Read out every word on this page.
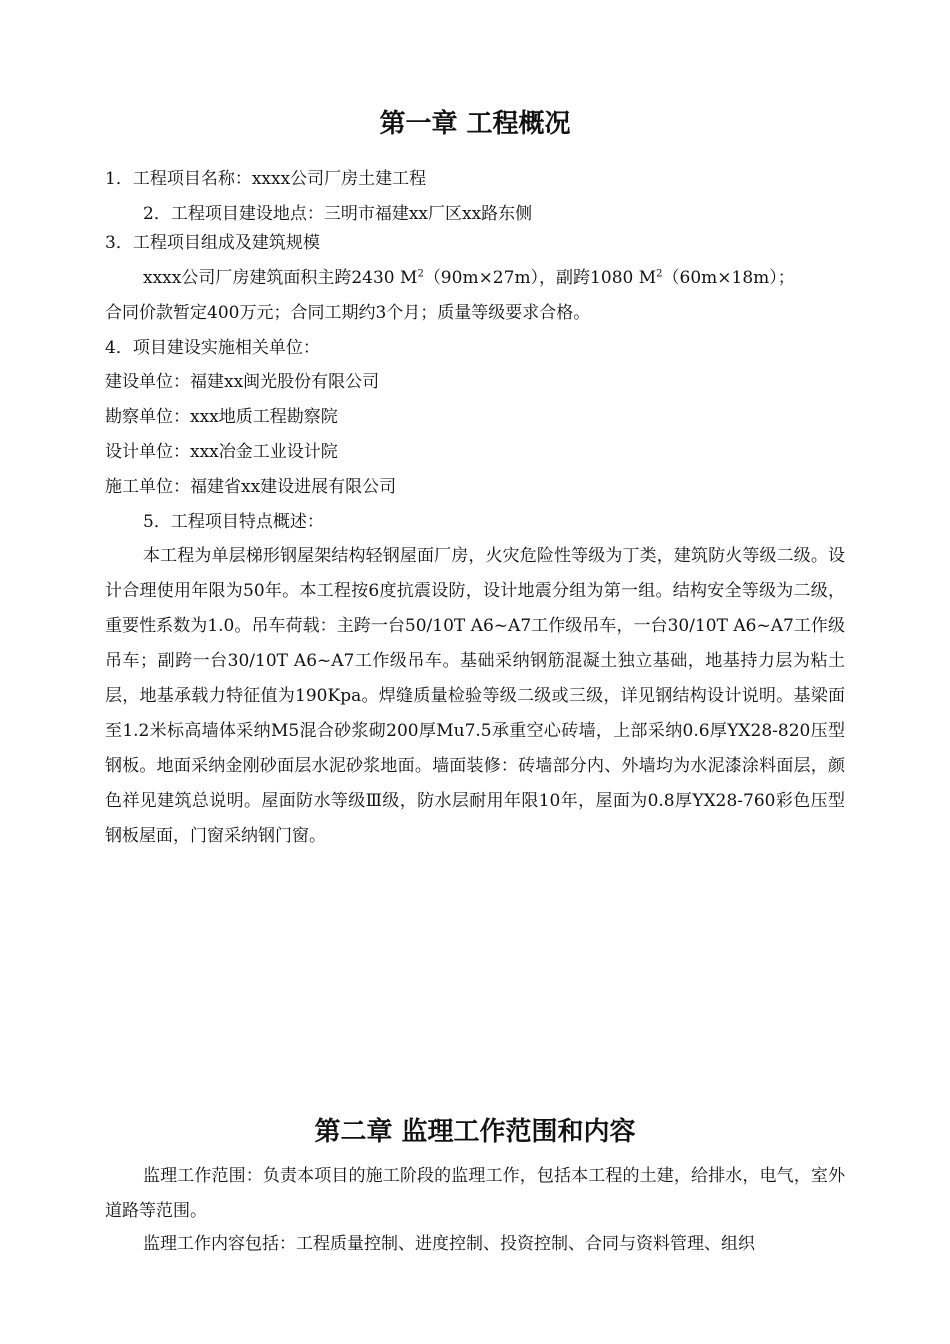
第一章 工程概况
1．工程项目名称：xxxx公司厂房土建工程
2．工程项目建设地点：三明市福建xx厂区xx路东侧
3．工程项目组成及建筑规模
xxxx公司厂房建筑面积主跨2430 $M^2(90m\times 27m)$，副跨1080 $M^2(60m\times 18m)$；
合同价款暂定400万元；合同工期约3个月；质量等级要求合格。
4．项目建设实施相关单位：
建设单位：福建xx闽光股份有限公司
勘察单位：xxx地质工程勘察院
设计单位：xxx冶金工业设计院
施工单位：福建省xx建设进展有限公司
5．工程项目特点概述：
本工程为单层梯形钢屋架结构轻钢屋面厂房，火灾危险性等级为丁类，建筑防火等级二级。设计合理使用年限为50年。本工程按6度抗震设防，设计地震分组为第一组。结构安全等级为二级，重要性系数为1.0。吊车荷载：主跨一台50/10T A6~A7工作级吊车，一台30/10T A6~A7工作级吊车；副跨一台30/10T A6~A7工作级吊车。基础采纳钢筋混凝土独立基础，地基持力层为粘土层，地基承载力特征值为190Kpa。焊缝质量检验等级二级或三级，详见钢结构设计说明。基梁面至1.2米标高墙体采纳M5混合砂浆砌200厚Mu7.5承重空心砖墙，上部采纳0.6厚YX28-820压型钢板。地面采纳金刚砂面层水泥砂浆地面。墙面装修：砖墙部分内、外墙均为水泥漆涂料面层，颜色祥见建筑总说明。屋面防水等级Ⅲ级，防水层耐用年限10年，屋面为0.8厚YX28-760彩色压型钢板屋面，门窗采纳钢门窗。
第二章 监理工作范围和内容
监理工作范围：负责本项目的施工阶段的监理工作，包括本工程的土建，给排水，电气，室外道路等范围。
监理工作内容包括：工程质量控制、进度控制、投资控制、合同与资料管理、组织
